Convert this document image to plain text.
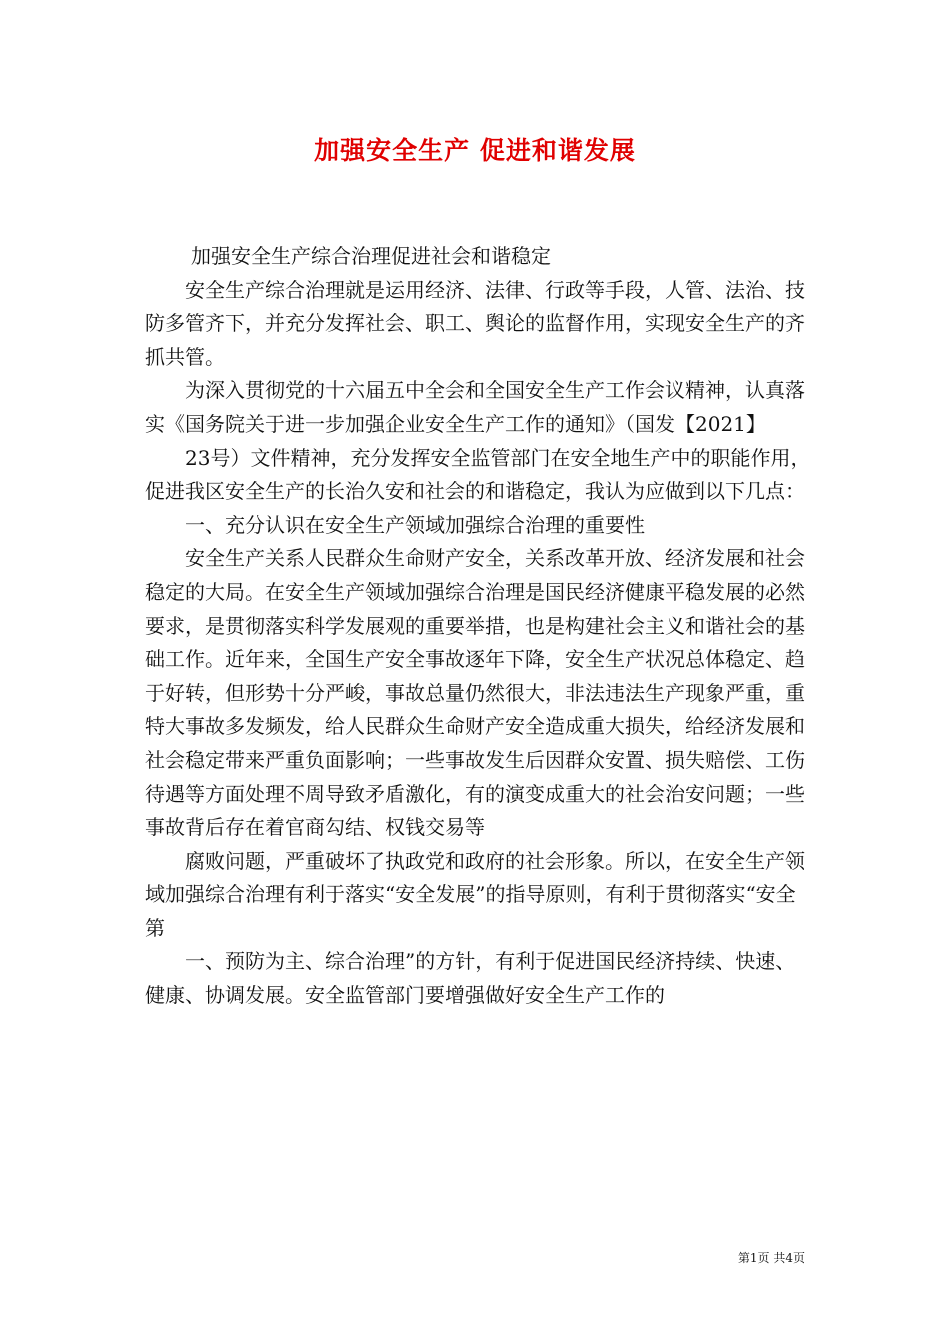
加强安全生产 促进和谐发展

加强安全生产综合治理促进社会和谐稳定

安全生产综合治理就是运用经济、法律、行政等手段，人管、法治、技防多管齐下，并充分发挥社会、职工、舆论的监督作用，实现安全生产的齐抓共管。

为深入贯彻党的十六届五中全会和全国安全生产工作会议精神，认真落实《国务院关于进一步加强企业安全生产工作的通知》（国发【2021】

23号）文件精神，充分发挥安全监管部门在安全地生产中的职能作用，促进我区安全生产的长治久安和社会的和谐稳定，我认为应做到以下几点：

一、充分认识在安全生产领域加强综合治理的重要性

安全生产关系人民群众生命财产安全，关系改革开放、经济发展和社会稳定的大局。在安全生产领域加强综合治理是国民经济健康平稳发展的必然要求，是贯彻落实科学发展观的重要举措，也是构建社会主义和谐社会的基础工作。近年来，全国生产安全事故逐年下降，安全生产状况总体稳定、趋于好转，但形势十分严峻，事故总量仍然很大，非法违法生产现象严重，重特大事故多发频发，给人民群众生命财产安全造成重大损失，给经济发展和社会稳定带来严重负面影响；一些事故发生后因群众安置、损失赔偿、工伤待遇等方面处理不周导致矛盾激化，有的演变成重大的社会治安问题；一些事故背后存在着官商勾结、权钱交易等

腐败问题，严重破坏了执政党和政府的社会形象。所以，在安全生产领域加强综合治理有利于落实“安全发展”的指导原则，有利于贯彻落实“安全第

一、预防为主、综合治理”的方针，有利于促进国民经济持续、快速、健康、协调发展。安全监管部门要增强做好安全生产工作的

第1页 共4页
